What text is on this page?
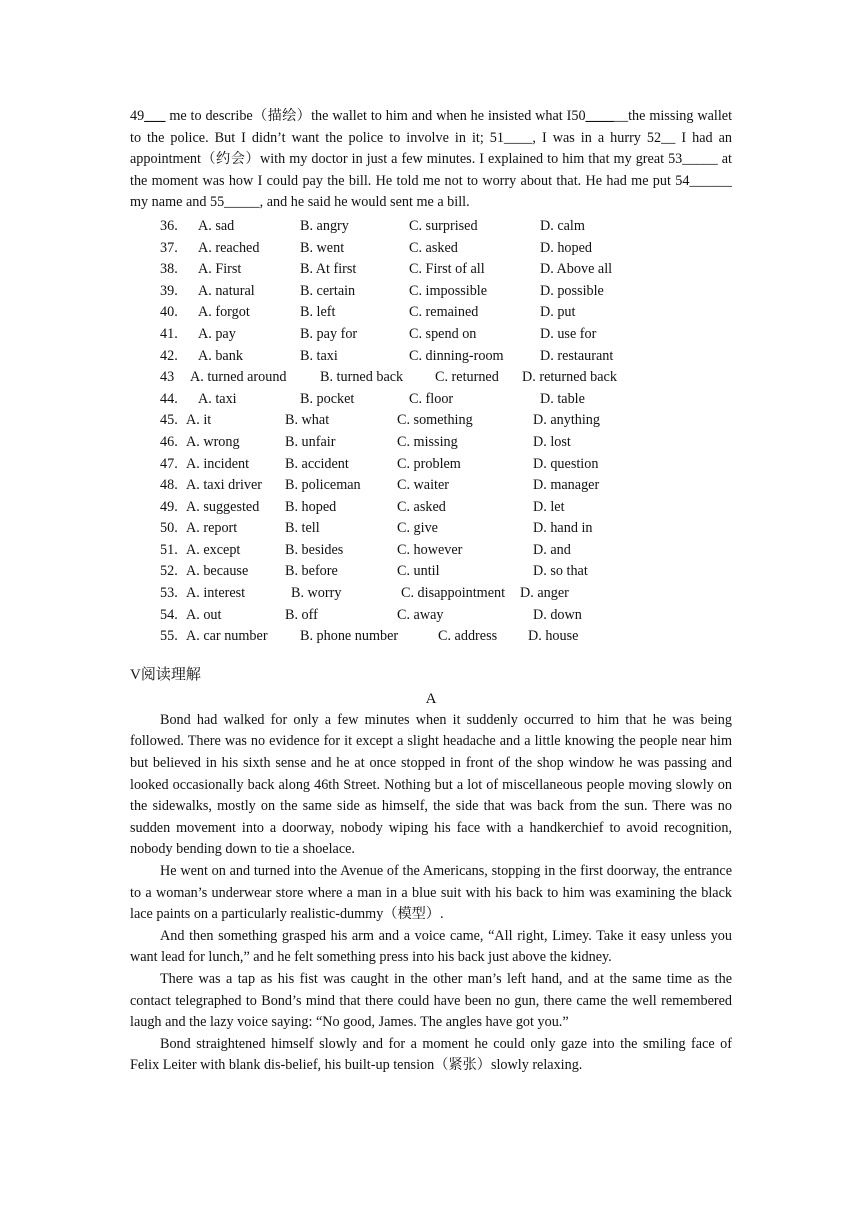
49___ me to describe（描绘）the wallet to him and when he insisted what I50______the missing wallet to the police. But I didn’t want the police to involve in it; 51____, I was in a hurry 52__ I had an appointment（约会）with my doctor in just a few minutes. I explained to him that my great 53_____ at the moment was how I could pay the bill. He told me not to worry about that. He had me put 54______ my name and 55_____, and he said he would sent me a bill.

36. A. sad	B. angry	C. surprised	D. calm
37. A. reached	B. went	C. asked	D. hoped
38. A. First	B. At first	C. First of all	D. Above all
39. A. natural	B. certain	C. impossible	D. possible
40. A. forgot	B. left	C. remained	D. put
41. A. pay	B. pay for	C. spend on	D. use for
42. A. bank	B. taxi	C. dinning-room	D. restaurant
43 A. turned around B. turned back C. returned D. returned back
44. A. taxi	B. pocket	C. floor	D. table
45. A. it	B. what	C. something	D. anything
46. A. wrong	B. unfair	C. missing	D. lost
47. A. incident	B. accident	C. problem	D. question
48. A. taxi driver B. policeman	C. waiter	D. manager
49. A. suggested B. hoped	C. asked	D. let
50. A. report	B. tell	C. give	D. hand in
51. A. except	B. besides	C. however	D. and
52. A. because	B. before	C. until	D. so that
53. A. interest	B. worry	C. disappointment D. anger
54. A. out	B. off	C. away	D. down
55. A. car number B. phone number	C. address D. house
V阅读理解

A

Bond had walked for only a few minutes when it suddenly occurred to him that he was being followed. There was no evidence for it except a slight headache and a little knowing the people near him but believed in his sixth sense and he at once stopped in front of the shop window he was passing and looked occasionally back along 46th Street. Nothing but a lot of miscellaneous people moving slowly on the sidewalks, mostly on the same side as himself, the side that was back from the sun. There was no sudden movement into a doorway, nobody wiping his face with a handkerchief to avoid recognition, nobody bending down to tie a shoelace.

He went on and turned into the Avenue of the Americans, stopping in the first doorway, the entrance to a woman’s underwear store where a man in a blue suit with his back to him was examining the black lace paints on a particularly realistic-dummy（模型）.

And then something grasped his arm and a voice came, “All right, Limey. Take it easy unless you want lead for lunch,” and he felt something press into his back just above the kidney.

There was a tap as his fist was caught in the other man’s left hand, and at the same time as the contact telegraphed to Bond’s mind that there could have been no gun, there came the well remembered laugh and the lazy voice saying: “No good, James. The angles have got you.”

Bond straightened himself slowly and for a moment he could only gaze into the smiling face of Felix Leiter with blank dis-belief, his built-up tension（紧张）slowly relaxing.
